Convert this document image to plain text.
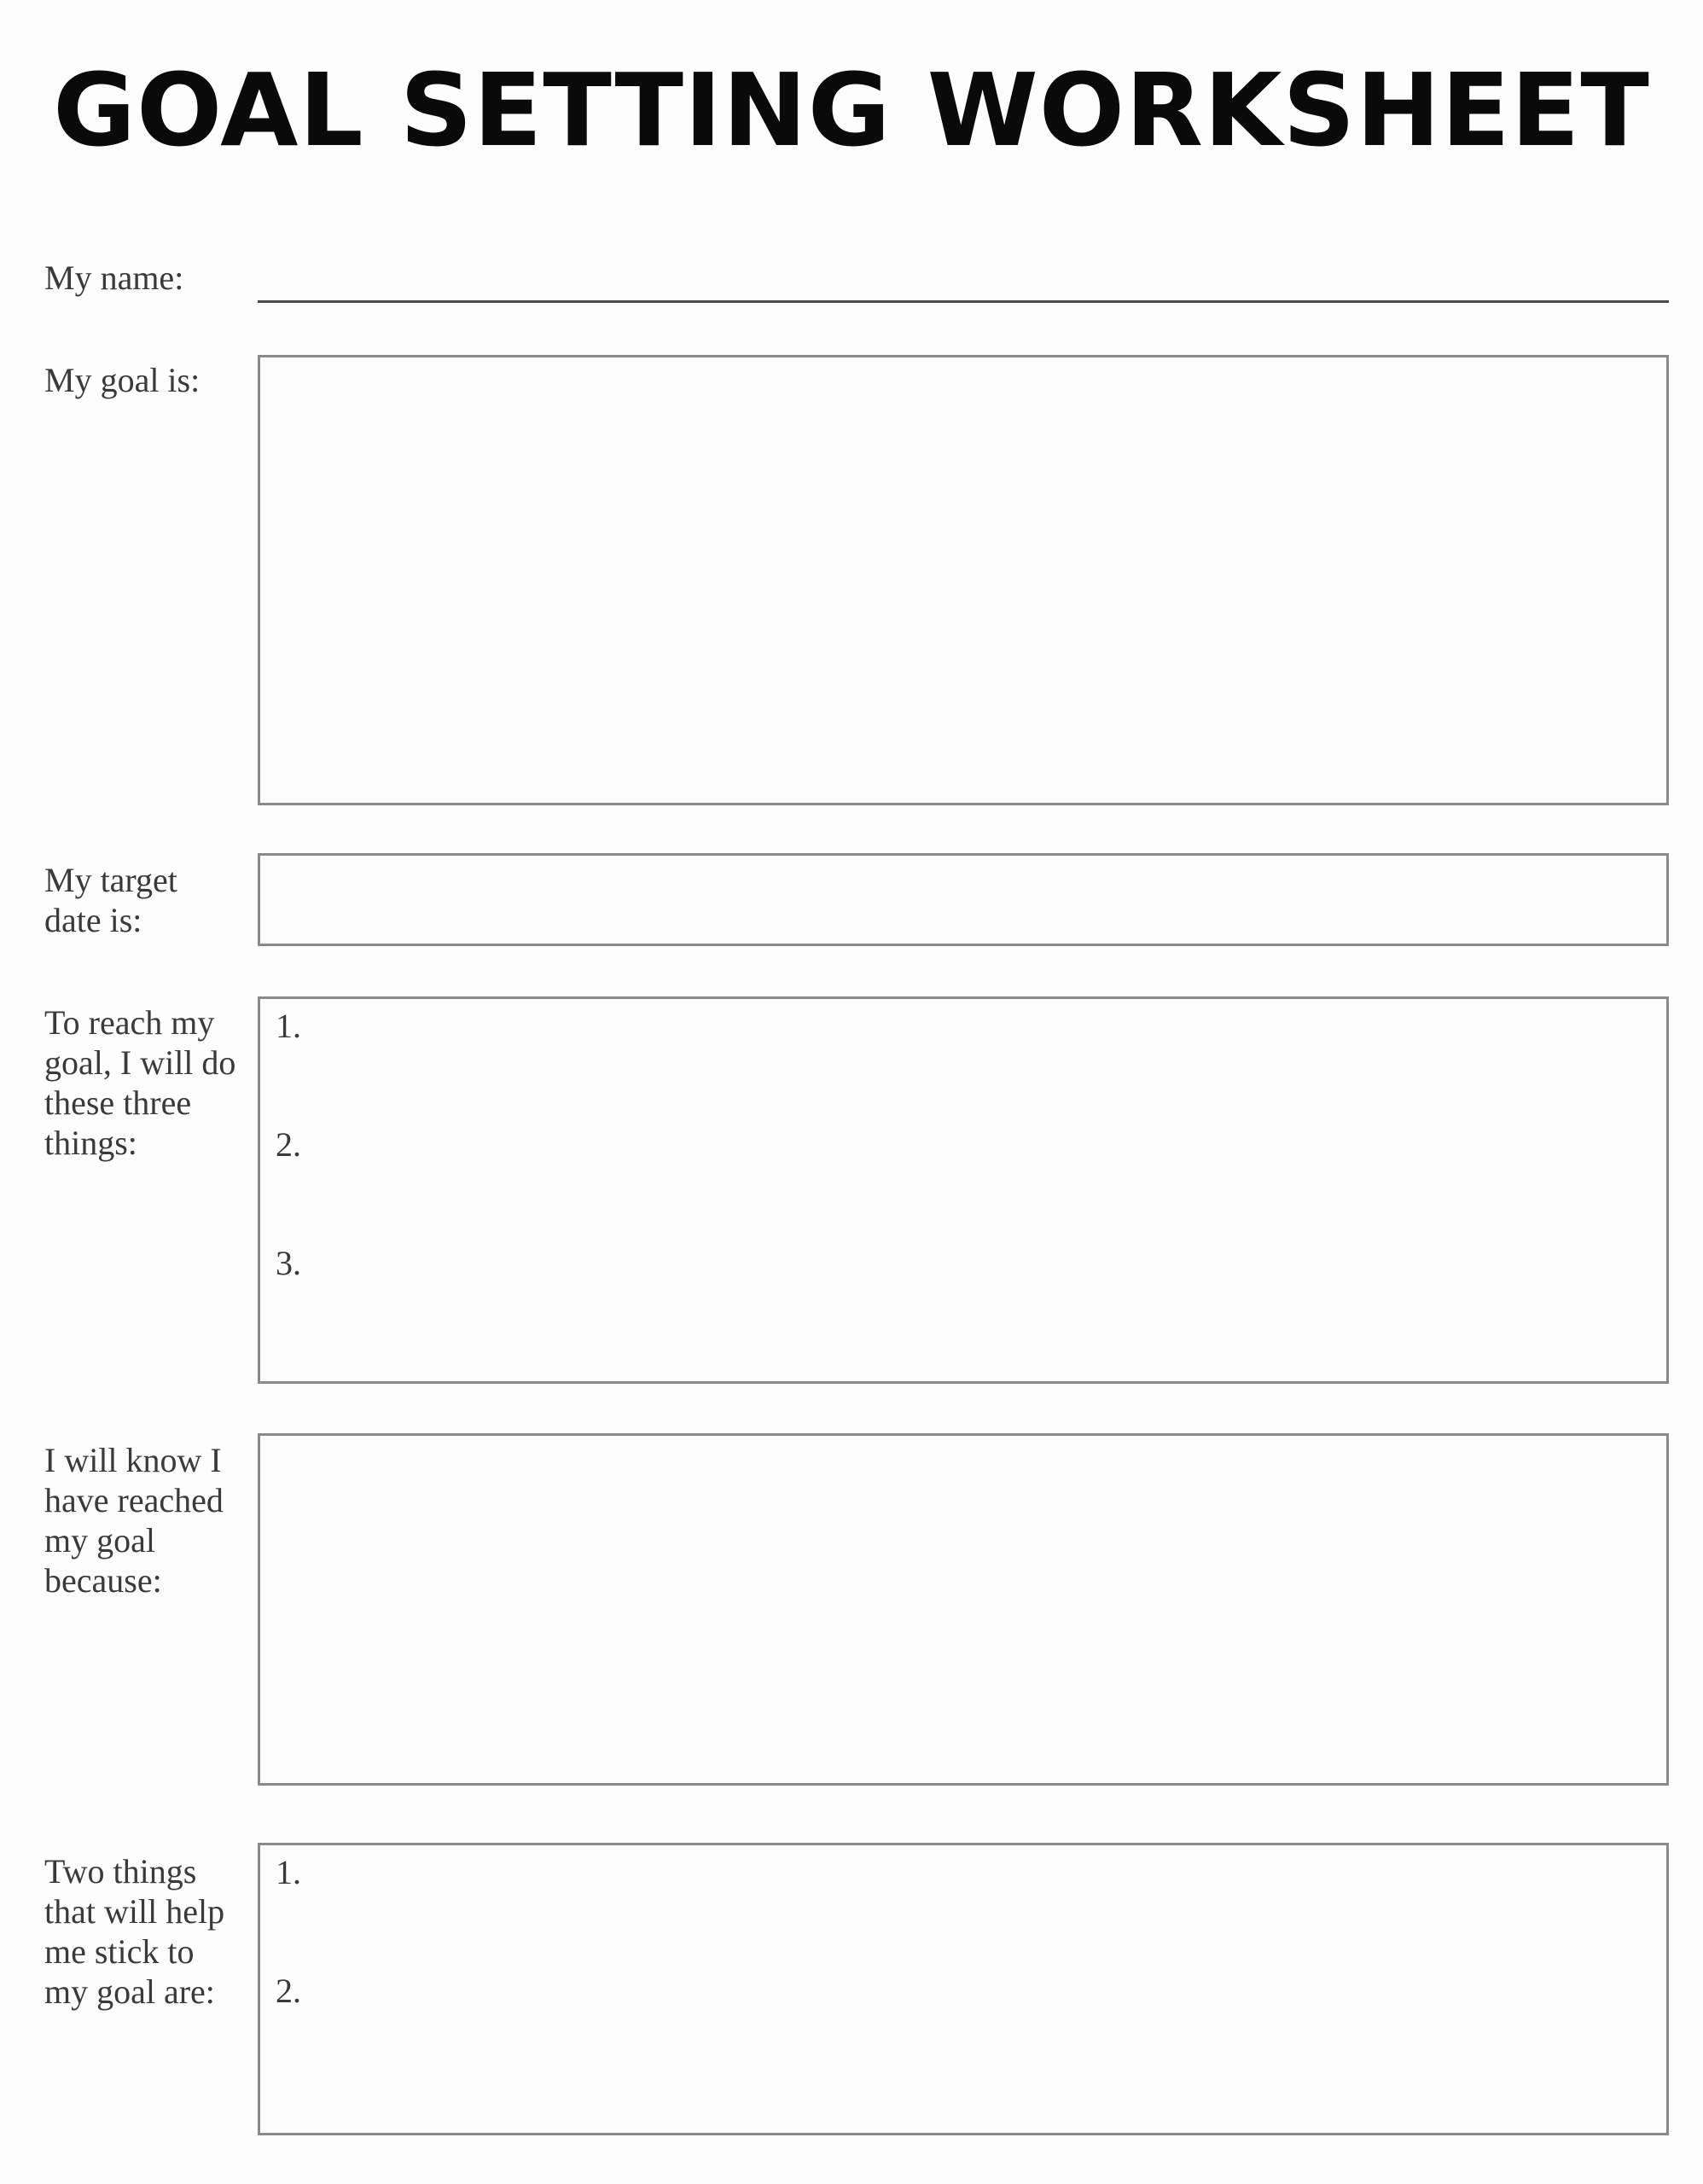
GOAL SETTING WORKSHEET
My name:
My goal is:
My target
date is:
To reach my
goal, I will do
these three
things:
1.
2.
3.
I will know I
have reached
my goal
because:
Two things
that will help
me stick to
my goal are:
1.
2.
